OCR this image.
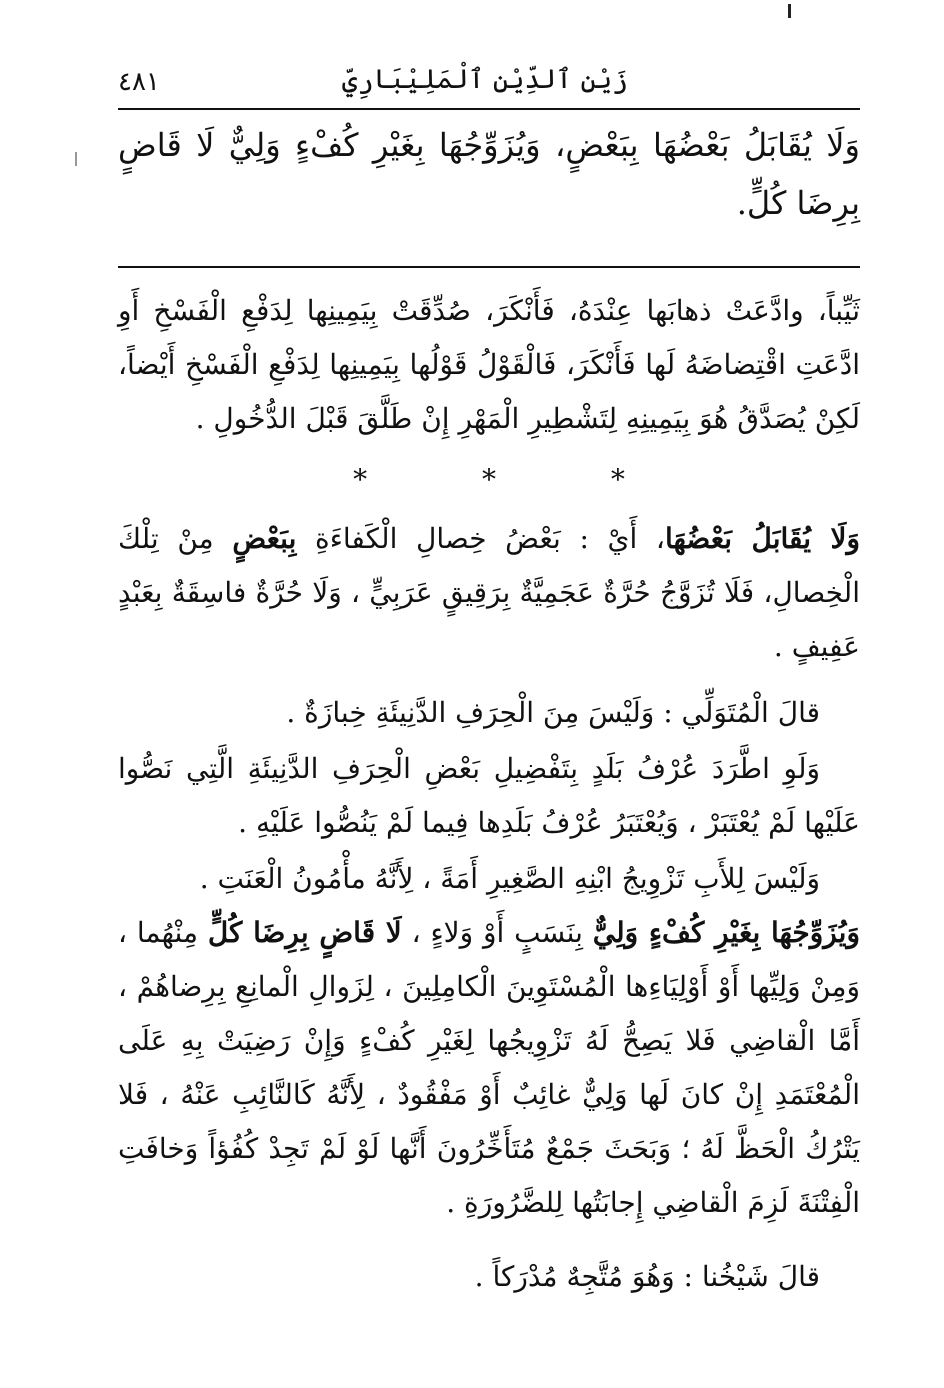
زَيْنِ ٱلدِّيْنِ ٱلْمَلِيْبَارِيِّ
٤٨١
وَلَا يُقَابَلُ بَعْضُهَا بِبَعْضٍ، وَيُزَوِّجُهَا بِغَيْرِ كُفْءٍ وَلِيٌّ لَا قَاضٍ بِرِضَا كُلٍّ.

ثَيِّباً، وادَّعَتْ ذهابَها عِنْدَهُ، فَأَنْكَرَ، صُدِّقَتْ بِيَمِينِها لِدَفْعِ الْفَسْخِ أَوِ ادَّعَتِ اقْتِضاضَهُ لَها فَأَنْكَرَ، فَالْقَوْلُ قَوْلُها بِيَمِينِها لِدَفْعِ الْفَسْخِ أَيْضاً، لَكِنْ يُصَدَّقُ هُوَ بِيَمِينِهِ لِتَشْطِيرِ الْمَهْرِ إِنْ طَلَّقَ قَبْلَ الدُّخُولِ .

*	*	*

وَلَا يُقَابَلُ بَعْضُهَا، أَيْ : بَعْضُ خِصالِ الْكَفاءَةِ بِبَعْضٍ مِنْ تِلْكَ الْخِصالِ، فَلَا تُزَوَّجُ حُرَّةٌ عَجَمِيَّةٌ بِرَقِيقٍ عَرَبِيٍّ ، وَلَا حُرَّةٌ فاسِقَةٌ بِعَبْدٍ عَفِيفٍ .

قالَ الْمُتَوَلِّي : وَلَيْسَ مِنَ الْحِرَفِ الدَّنِيئَةِ خِبازَةٌ .

وَلَوِ اطَّرَدَ عُرْفُ بَلَدٍ بِتَفْضِيلِ بَعْضِ الْحِرَفِ الدَّنِيئَةِ الَّتِي نَصُّوا عَلَيْها لَمْ يُعْتَبَرْ ، وَيُعْتَبَرُ عُرْفُ بَلَدِها فِيما لَمْ يَنُصُّوا عَلَيْهِ .

وَلَيْسَ لِلأَبِ تَزْوِيجُ ابْنِهِ الصَّغِيرِ أَمَةً ، لِأَنَّهُ مأْمُونُ الْعَنَتِ .

وَيُزَوِّجُهَا بِغَيْرِ كُفْءٍ وَلِيٌّ بِنَسَبٍ أَوْ وَلاءٍ ، لَا قَاضٍ بِرِضَا كُلٍّ مِنْهُما ، وَمِنْ وَلِيِّها أَوْ أَوْلِيَاءِها الْمُسْتَوِينَ الْكامِلِينَ ، لِزَوالِ الْمانِعِ بِرِضاهُمْ ، أَمَّا الْقاضِي فَلا يَصِحُّ لَهُ تَزْوِيجُها لِغَيْرِ كُفْءٍ وَإِنْ رَضِيَتْ بِهِ عَلَى الْمُعْتَمَدِ إِنْ كانَ لَها وَلِيٌّ غائِبٌ أَوْ مَفْقُودٌ ، لِأَنَّهُ كَالنَّائِبِ عَنْهُ ، فَلا يَتْرُكُ الْحَظَّ لَهُ ؛ وَبَحَثَ جَمْعٌ مُتَأَخِّرُونَ أَنَّها لَوْ لَمْ تَجِدْ كُفُؤاً وَخافَتِ الْفِتْنَةَ لَزِمَ الْقاضِي إِجابَتُها لِلضَّرُورَةِ .

قالَ شَيْخُنا : وَهُوَ مُتَّجِهٌ مُدْرَكاً .
